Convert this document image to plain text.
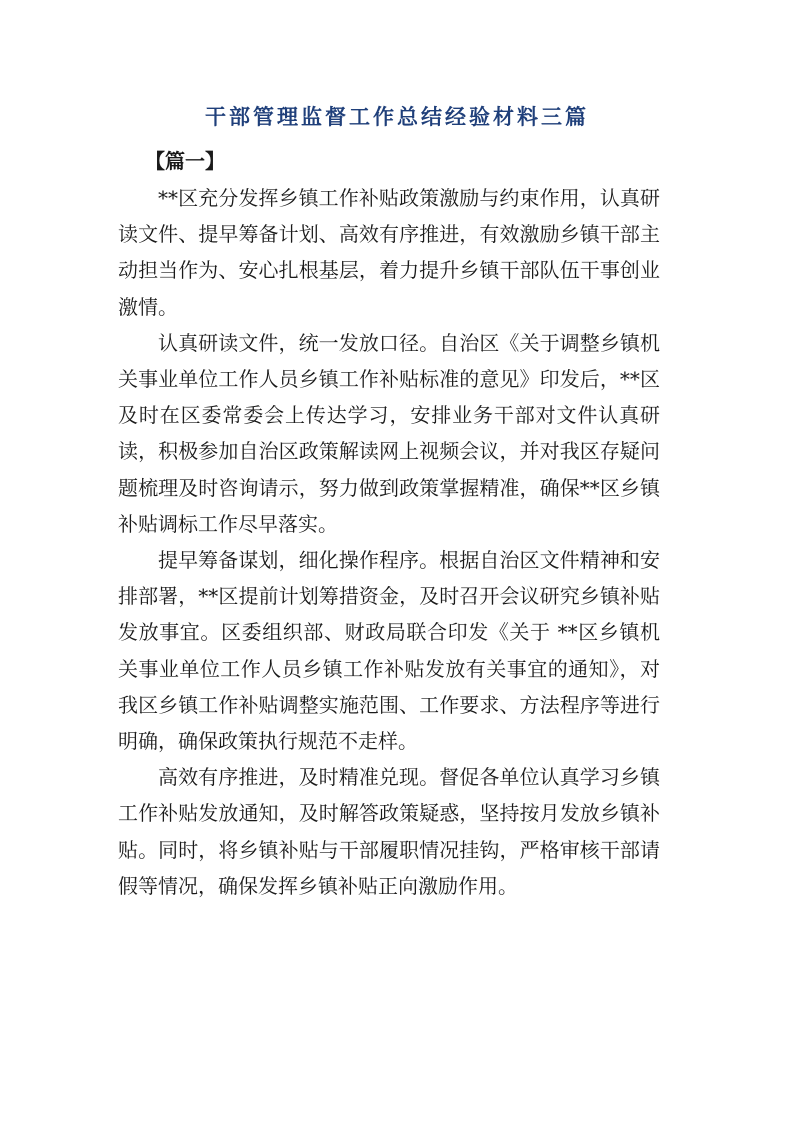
干部管理监督工作总结经验材料三篇
【篇一】

**区充分发挥乡镇工作补贴政策激励与约束作用，认真研读文件、提早筹备计划、高效有序推进，有效激励乡镇干部主动担当作为、安心扎根基层，着力提升乡镇干部队伍干事创业激情。

认真研读文件，统一发放口径。自治区《关于调整乡镇机关事业单位工作人员乡镇工作补贴标准的意见》印发后，**区及时在区委常委会上传达学习，安排业务干部对文件认真研读，积极参加自治区政策解读网上视频会议，并对我区存疑问题梳理及时咨询请示，努力做到政策掌握精准，确保**区乡镇补贴调标工作尽早落实。

提早筹备谋划，细化操作程序。根据自治区文件精神和安排部署，**区提前计划筹措资金，及时召开会议研究乡镇补贴发放事宜。区委组织部、财政局联合印发《关于 **区乡镇机关事业单位工作人员乡镇工作补贴发放有关事宜的通知》，对我区乡镇工作补贴调整实施范围、工作要求、方法程序等进行明确，确保政策执行规范不走样。

高效有序推进，及时精准兑现。督促各单位认真学习乡镇工作补贴发放通知，及时解答政策疑惑，坚持按月发放乡镇补贴。同时，将乡镇补贴与干部履职情况挂钩，严格审核干部请假等情况，确保发挥乡镇补贴正向激励作用。
